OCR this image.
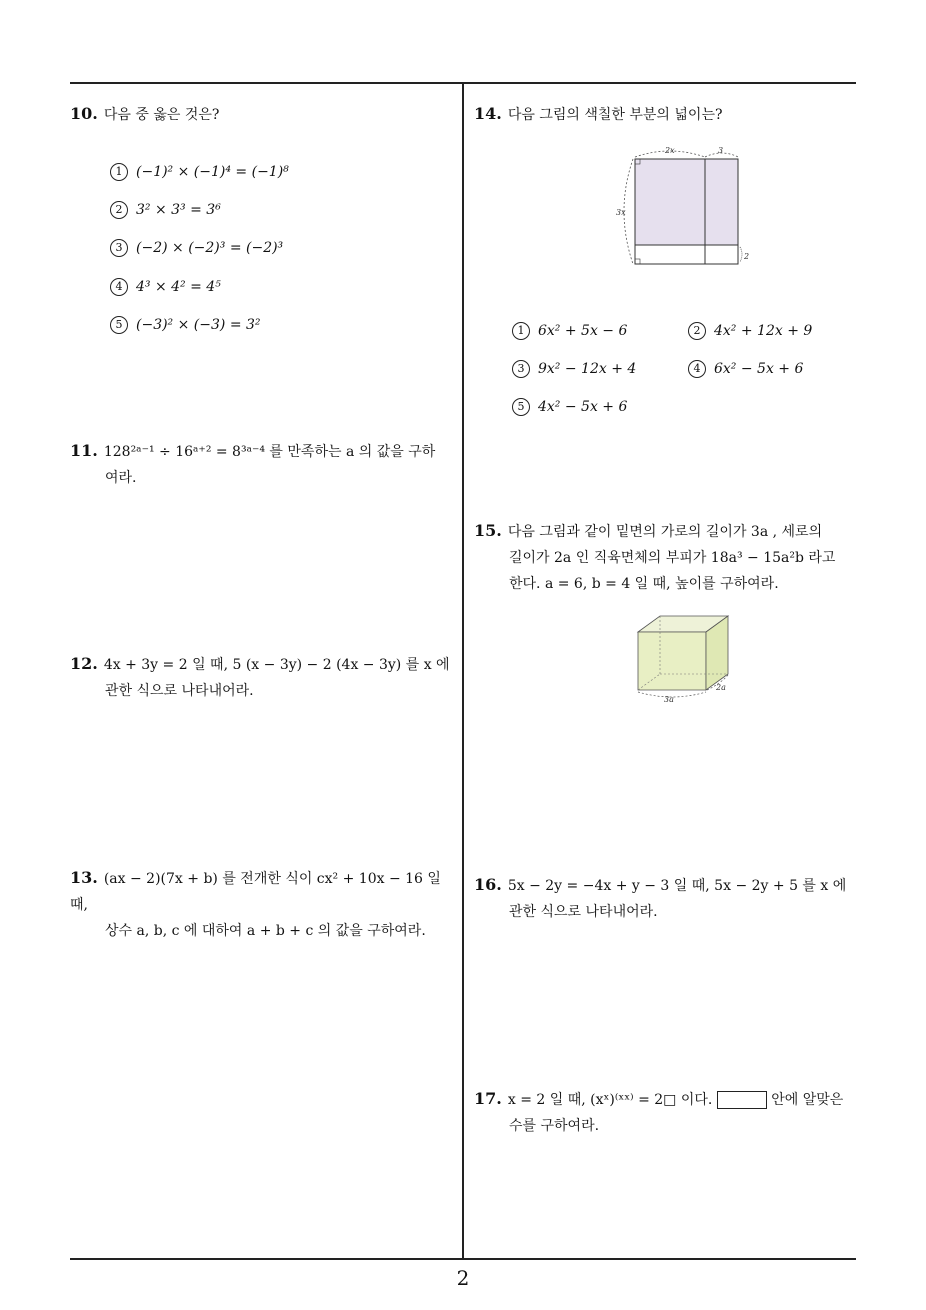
10. 다음 중 옳은 것은?
1 (−1)² × (−1)⁴ = (−1)⁸
2 3² × 3³ = 3⁶
3 (−2) × (−2)³ = (−2)³
4 4³ × 4² = 4⁵
5 (−3)² × (−3) = 3²
11. 128²ᵃ⁻¹ ÷ 16ᵃ⁺² = 8³ᵃ⁻⁴ 를 만족하는 a 의 값을 구하
여라.
12. 4x + 3y = 2 일 때, 5 (x − 3y) − 2 (4x − 3y) 를 x 에
관한 식으로 나타내어라.
13. (ax − 2)(7x + b) 를 전개한 식이 cx² + 10x − 16 일 때,
상수 a, b, c 에 대하여 a + b + c 의 값을 구하여라.
14. 다음 그림의 색칠한 부분의 넓이는?
2x	3
3x
2
1 6x² + 5x − 6	2 4x² + 12x + 9
3 9x² − 12x + 4	4 6x² − 5x + 6
5 4x² − 5x + 6
15. 다음 그림과 같이 밑면의 가로의 길이가 3a , 세로의
길이가 2a 인 직육면체의 부피가 18a³ − 15a²b 라고
한다. a = 6, b = 4 일 때, 높이를 구하여라.
3a
2a
16. 5x − 2y = −4x + y − 3 일 때, 5x − 2y + 5 를 x 에
관한 식으로 나타내어라.
17. x = 2 일 때, (xˣ)⁽ˣˣ⁾ = 2□ 이다.	안에 알맞은
수를 구하여라.
2
